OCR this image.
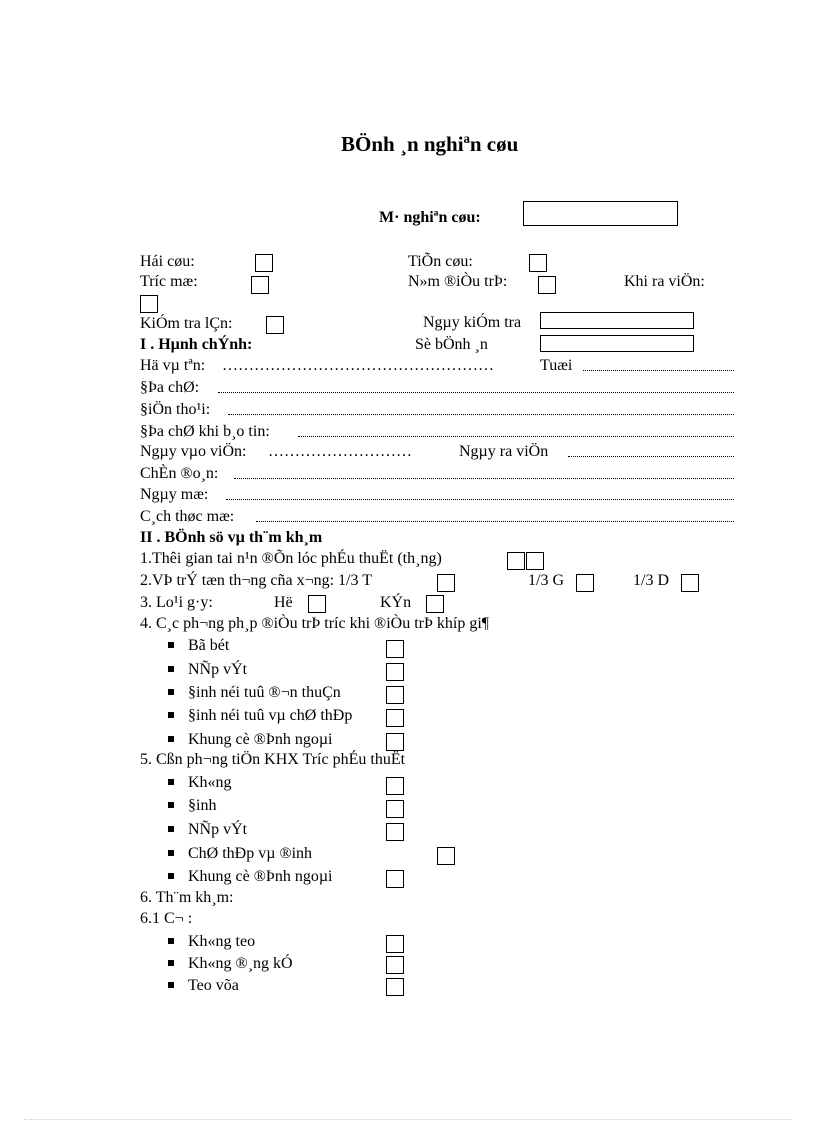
BÖnh ¸n nghiªn cøu
M· nghiªn cøu:
Hái cøu:	TiÕn cøu:
Tríc mæ:	N»m ®iÒu trÞ:	Khi ra viÖn:
KiÓm tra lÇn:	Ngµy kiÓm tra
I . Hµnh chÝnh:	Sè bÖnh ¸n
Hä vµ tªn: ……………………………………………	Tuæi
§Þa chØ:
§iÖn tho¹i:
§Þa chØ khi b¸o tin:
Ngµy vµo viÖn: ………………………	Ngµy ra viÖn
ChÈn ®o¸n:
Ngµy mæ:
C¸ch thøc mæ:
II . BÖnh sö vµ th¨m kh¸m
1.Thêi gian tai n¹n ®Õn lóc phÉu thuËt (th¸ng)
2.VÞ trÝ tæn th¬ng cña x¬ng: 1/3 T	1/3 G	1/3 D
3. Lo¹i g·y:	Hë	KÝn
4. C¸c ph¬ng ph¸p ®iÒu trÞ tríc khi ®iÒu trÞ khíp gi¶
Bã bét
NÑp vÝt
§inh néi tuû ®¬n thuÇn
§inh néi tuû vµ chØ thÐp
Khung cè ®Þnh ngoµi
5. Cßn ph¬ng tiÖn KHX Tríc phÉu thuËt
Kh«ng
§inh
NÑp vÝt
ChØ thÐp vµ ®inh
Khung cè ®Þnh ngoµi
6. Th¨m kh¸m:
6.1 C¬ :
Kh«ng teo
Kh«ng ®¸ng kÓ
Teo võa
